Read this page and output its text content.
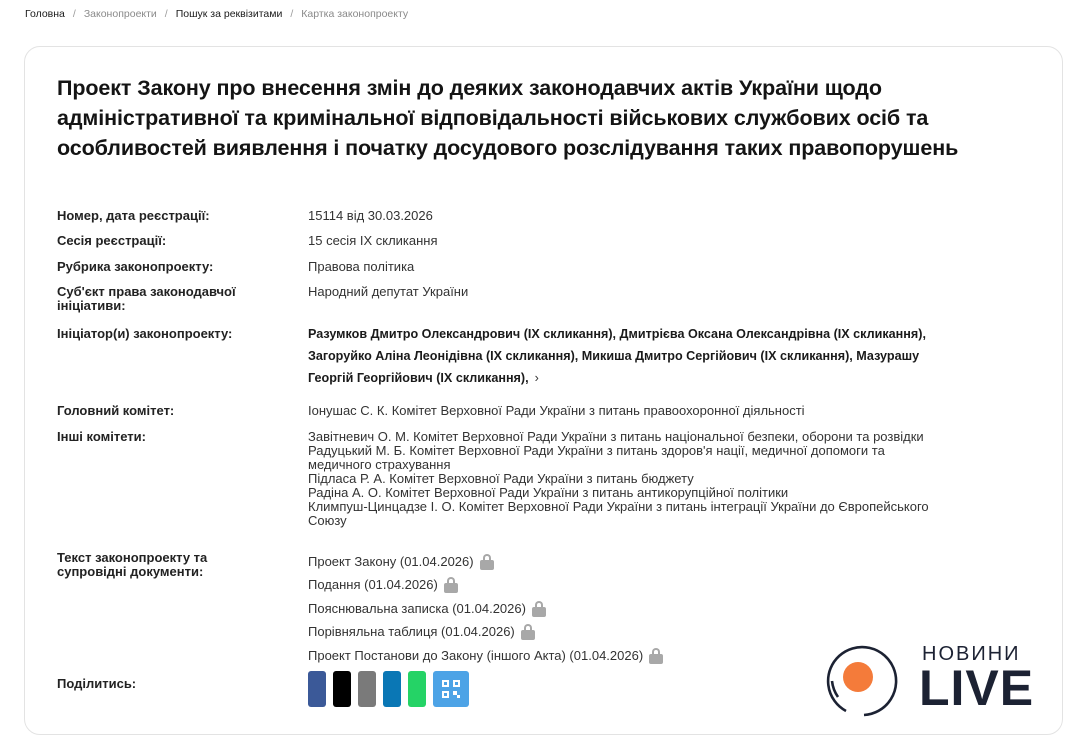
Головна / Законопроекти / Пошук за реквізитами / Картка законопроекту
Проект Закону про внесення змін до деяких законодавчих актів України щодо адміністративної та кримінальної відповідальності військових службових осіб та особливостей виявлення і початку досудового розслідування таких правопорушень
Номер, дата реєстрації:	15114 від 30.03.2026
Сесія реєстрації:	15 сесія IX скликання
Рубрика законопроекту:	Правова політика
Суб'єкт права законодавчої ініціативи:
Народний депутат України
Ініціатор(и) законопроекту:	Разумков Дмитро Олександрович (IX скликання), Дмитрієва Оксана Олександрівна (IX скликання),
Загоруйко Аліна Леонідівна (IX скликання), Микиша Дмитро Сергійович (IX скликання), Мазурашу
Георгій Георгійович (IX скликання), ›
Головний комітет:	Іонушас С. К. Комітет Верховної Ради України з питань правоохоронної діяльності
Інші комітети:	Завітневич О. М. Комітет Верховної Ради України з питань національної безпеки, оборони та розвідки
Радуцький М. Б. Комітет Верховної Ради України з питань здоров'я нації, медичної допомоги та
медичного страхування
Підласа Р. А. Комітет Верховної Ради України з питань бюджету
Радіна А. О. Комітет Верховної Ради України з питань антикорупційної політики
Климпуш-Цинцадзе І. О. Комітет Верховної Ради України з питань інтеграції України до Європейського
Союзу
Текст законопроекту та супровідні документи:
Проект Закону (01.04.2026)
Подання (01.04.2026)
Пояснювальна записка (01.04.2026)
Порівняльна таблиця (01.04.2026)
Проект Постанови до Закону (іншого Акта) (01.04.2026)
Поділитись:
НОВИНИ
LIVE
